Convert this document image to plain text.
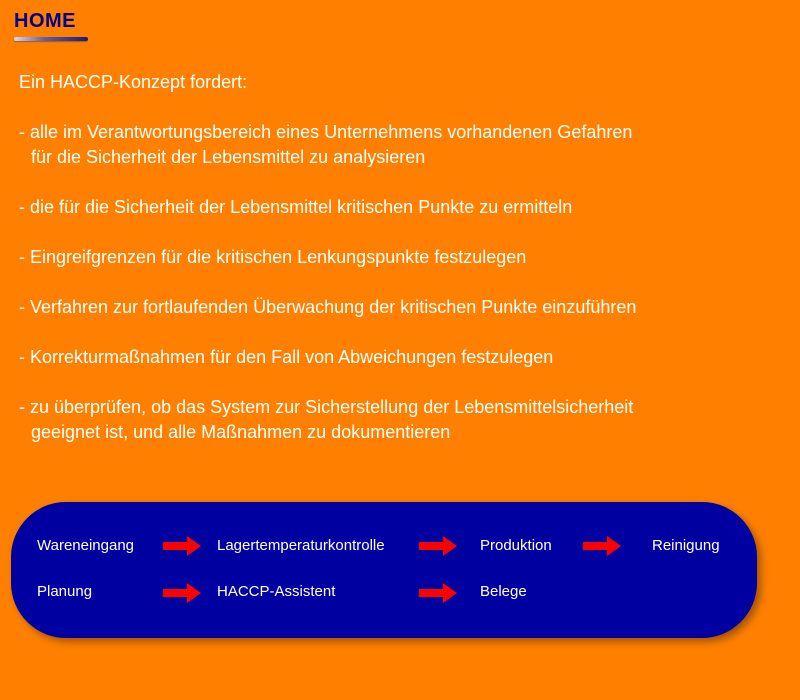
HOME
Ein HACCP-Konzept fordert:
- alle im Verantwortungsbereich eines Unternehmens vorhandenen Gefahren
für die Sicherheit der Lebensmittel zu analysieren
- die für die Sicherheit der Lebensmittel kritischen Punkte zu ermitteln
- Eingreifgrenzen für die kritischen Lenkungspunkte festzulegen
- Verfahren zur fortlaufenden Überwachung der kritischen Punkte einzuführen
- Korrekturmaßnahmen für den Fall von Abweichungen festzulegen
- zu überprüfen, ob das System zur Sicherstellung der Lebensmittelsicherheit
geeignet ist, und alle Maßnahmen zu dokumentieren
Wareneingang	Lagertemperaturkontrolle	Produktion	Reinigung
Planung	HACCP-Assistent	Belege
